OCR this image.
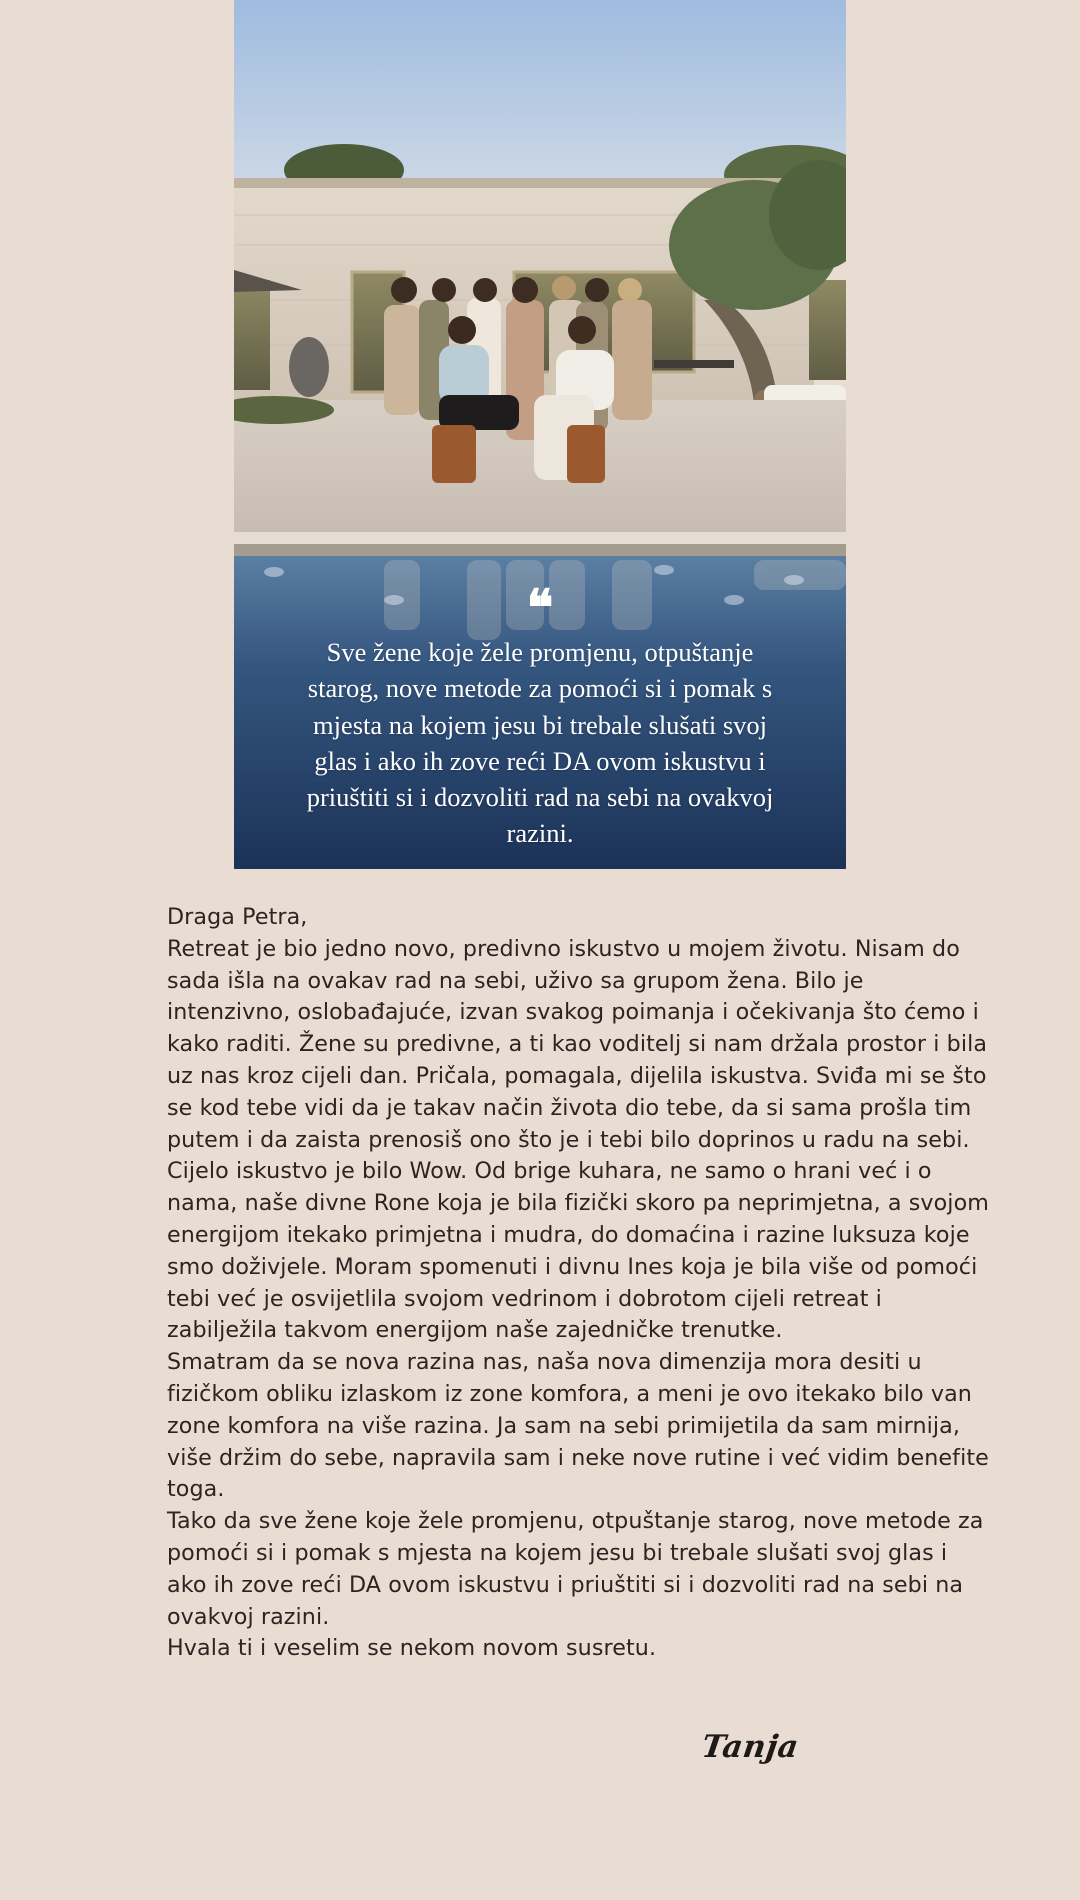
❝
Sve žene koje žele promjenu, otpuštanje starog, nove metode za pomoći si i pomak s mjesta na kojem jesu bi trebale slušati svoj glas i ako ih zove reći DA ovom iskustvu i priuštiti si i dozvoliti rad na sebi na ovakvoj razini.

Draga Petra,

Retreat je bio jedno novo, predivno iskustvo u mojem životu. Nisam do sada išla na ovakav rad na sebi, uživo sa grupom žena. Bilo je intenzivno, oslobađajuće, izvan svakog poimanja i očekivanja što ćemo i kako raditi. Žene su predivne, a ti kao voditelj si nam držala prostor i bila uz nas kroz cijeli dan. Pričala, pomagala, dijelila iskustva. Sviđa mi se što se kod tebe vidi da je takav način života dio tebe, da si sama prošla tim putem i da zaista prenosiš ono što je i tebi bilo doprinos u radu na sebi.

Cijelo iskustvo je bilo Wow. Od brige kuhara, ne samo o hrani već i o nama, naše divne Rone koja je bila fizički skoro pa neprimjetna, a svojom energijom itekako primjetna i mudra, do domaćina i razine luksuza koje smo doživjele. Moram spomenuti i divnu Ines koja je bila više od pomoći tebi već je osvijetlila svojom vedrinom i dobrotom cijeli retreat i zabilježila takvom energijom naše zajedničke trenutke.

Smatram da se nova razina nas, naša nova dimenzija mora desiti u fizičkom obliku izlaskom iz zone komfora, a meni je ovo itekako bilo van zone komfora na više razina. Ja sam na sebi primijetila da sam mirnija, više držim do sebe, napravila sam i neke nove rutine i već vidim benefite toga.

Tako da sve žene koje žele promjenu, otpuštanje starog, nove metode za pomoći si i pomak s mjesta na kojem jesu bi trebale slušati svoj glas i ako ih zove reći DA ovom iskustvu i priuštiti si i dozvoliti rad na sebi na ovakvoj razini.

Hvala ti i veselim se nekom novom susretu.

Tanja
